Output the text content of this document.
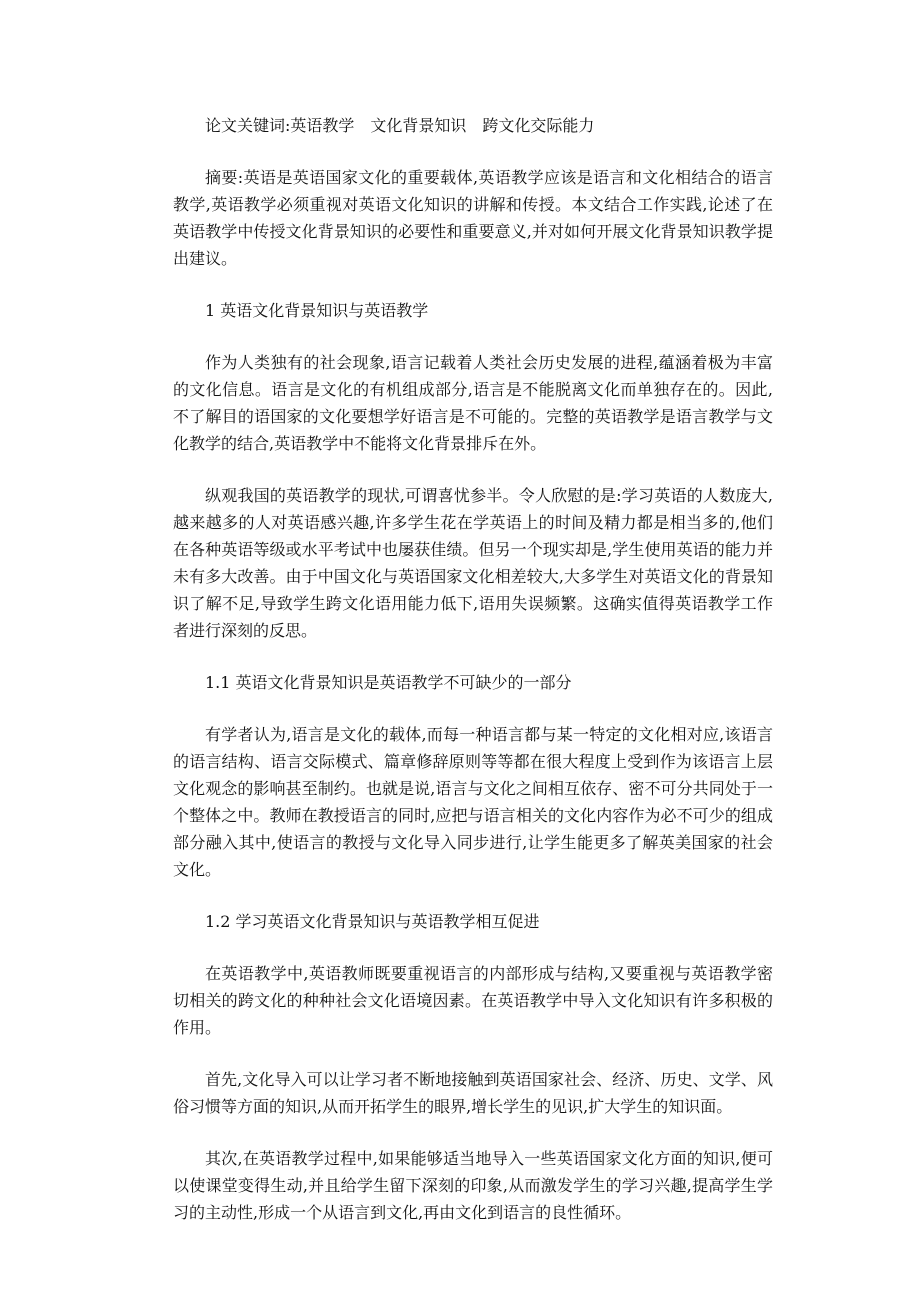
论文关键词:英语教学　文化背景知识　跨文化交际能力

摘要:英语是英语国家文化的重要载体,英语教学应该是语言和文化相结合的语言教学,英语教学必须重视对英语文化知识的讲解和传授。本文结合工作实践,论述了在英语教学中传授文化背景知识的必要性和重要意义,并对如何开展文化背景知识教学提出建议。

1 英语文化背景知识与英语教学

作为人类独有的社会现象,语言记载着人类社会历史发展的进程,蕴涵着极为丰富的文化信息。语言是文化的有机组成部分,语言是不能脱离文化而单独存在的。因此,不了解目的语国家的文化要想学好语言是不可能的。完整的英语教学是语言教学与文化教学的结合,英语教学中不能将文化背景排斥在外。

纵观我国的英语教学的现状,可谓喜忧参半。令人欣慰的是:学习英语的人数庞大,越来越多的人对英语感兴趣,许多学生花在学英语上的时间及精力都是相当多的,他们在各种英语等级或水平考试中也屡获佳绩。但另一个现实却是,学生使用英语的能力并未有多大改善。由于中国文化与英语国家文化相差较大,大多学生对英语文化的背景知识了解不足,导致学生跨文化语用能力低下,语用失误频繁。这确实值得英语教学工作者进行深刻的反思。

1.1 英语文化背景知识是英语教学不可缺少的一部分

有学者认为,语言是文化的载体,而每一种语言都与某一特定的文化相对应,该语言的语言结构、语言交际模式、篇章修辞原则等等都在很大程度上受到作为该语言上层文化观念的影响甚至制约。也就是说,语言与文化之间相互依存、密不可分共同处于一个整体之中。教师在教授语言的同时,应把与语言相关的文化内容作为必不可少的组成部分融入其中,使语言的教授与文化导入同步进行,让学生能更多了解英美国家的社会文化。

1.2 学习英语文化背景知识与英语教学相互促进

在英语教学中,英语教师既要重视语言的内部形成与结构,又要重视与英语教学密切相关的跨文化的种种社会文化语境因素。在英语教学中导入文化知识有许多积极的作用。

首先,文化导入可以让学习者不断地接触到英语国家社会、经济、历史、文学、风俗习惯等方面的知识,从而开拓学生的眼界,增长学生的见识,扩大学生的知识面。

其次,在英语教学过程中,如果能够适当地导入一些英语国家文化方面的知识,便可以使课堂变得生动,并且给学生留下深刻的印象,从而激发学生的学习兴趣,提高学生学习的主动性,形成一个从语言到文化,再由文化到语言的良性循环。
